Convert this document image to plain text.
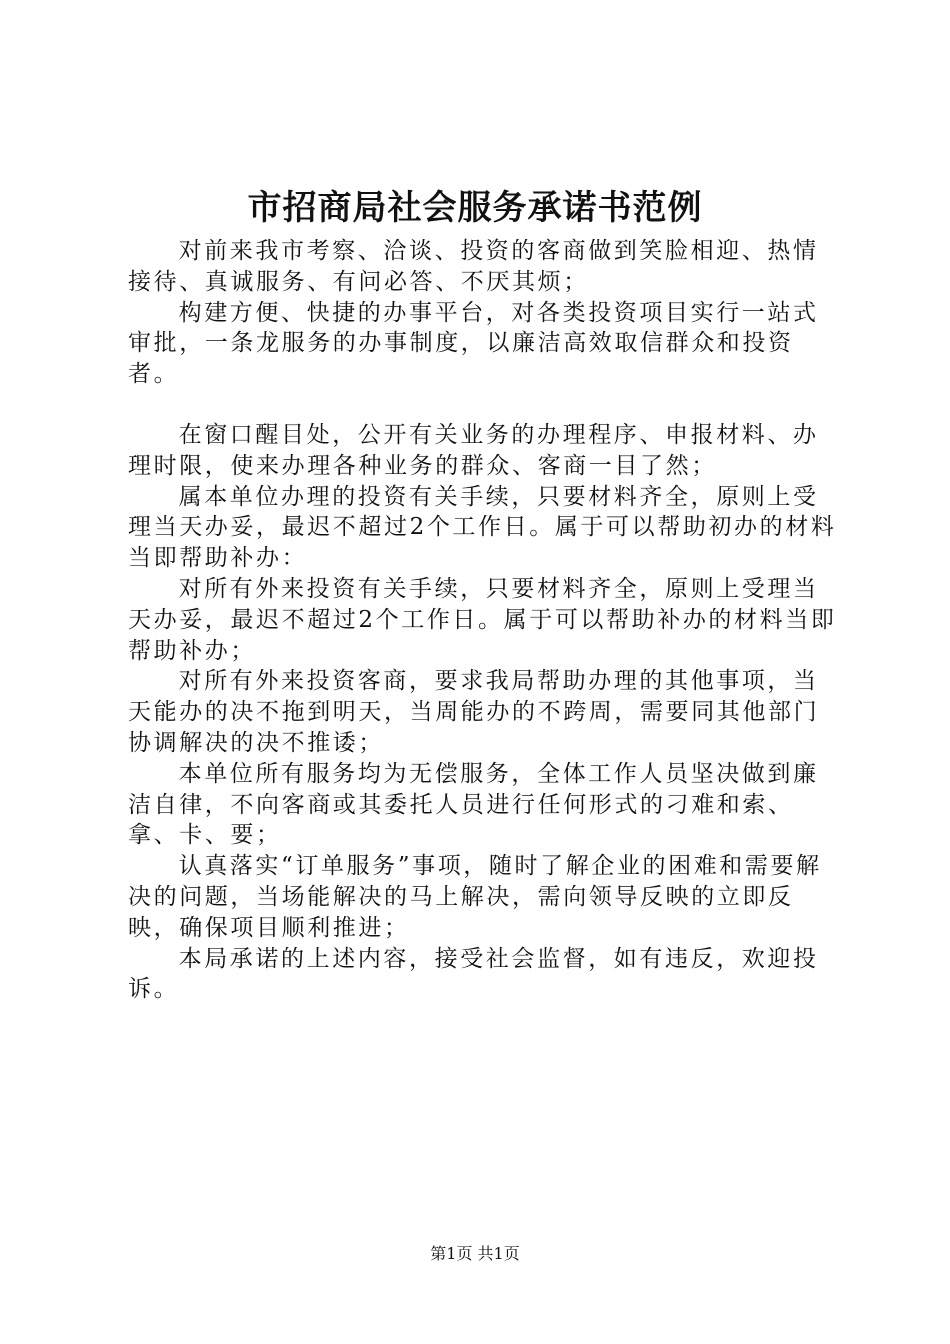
市招商局社会服务承诺书范例

对前来我市考察、洽谈、投资的客商做到笑脸相迎、热情接待、真诚服务、有问必答、不厌其烦；

构建方便、快捷的办事平台，对各类投资项目实行一站式审批，一条龙服务的办事制度，以廉洁高效取信群众和投资者。

在窗口醒目处，公开有关业务的办理程序、申报材料、办理时限，使来办理各种业务的群众、客商一目了然；

属本单位办理的投资有关手续，只要材料齐全，原则上受理当天办妥，最迟不超过2个工作日。属于可以帮助初办的材料当即帮助补办：

对所有外来投资有关手续，只要材料齐全，原则上受理当天办妥，最迟不超过2个工作日。属于可以帮助补办的材料当即帮助补办；

对所有外来投资客商，要求我局帮助办理的其他事项，当天能办的决不拖到明天，当周能办的不跨周，需要同其他部门协调解决的决不推诿；

本单位所有服务均为无偿服务，全体工作人员坚决做到廉洁自律，不向客商或其委托人员进行任何形式的刁难和索、拿、卡、要；

认真落实“订单服务”事项，随时了解企业的困难和需要解决的问题，当场能解决的马上解决，需向领导反映的立即反映，确保项目顺利推进；

本局承诺的上述内容，接受社会监督，如有违反，欢迎投诉。

第1页 共1页
